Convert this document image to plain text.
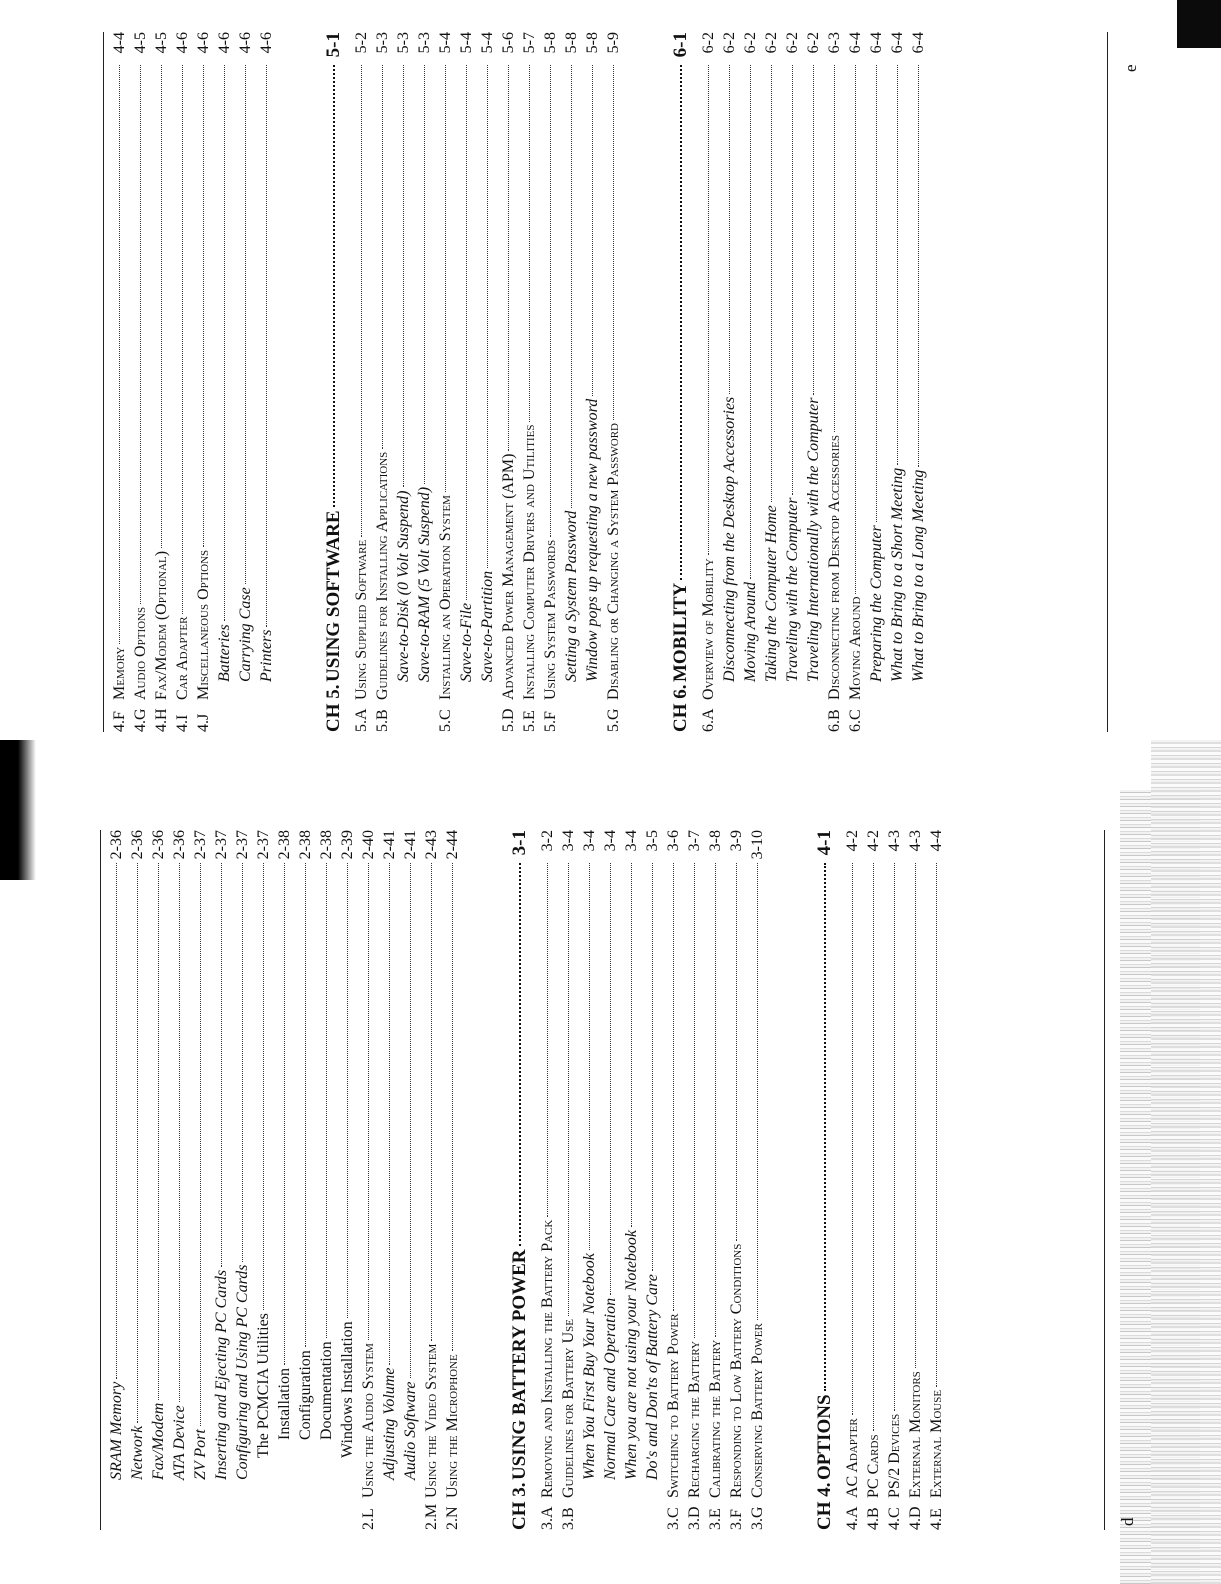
SRAM Memory
2-36
Network
2-36
Fax/Modem
2-36
ATA Device
2-36
ZV Port
2-37
Inserting and Ejecting PC Cards
2-37
Configuring and Using PC Cards
2-37
The PCMCIA Utilities
2-37
Installation
2-38
Configuration
2-38
Documentation
2-38
Windows Installation
2-39
2.L
Using the Audio System
2-40
Adjusting Volume
2-41
Audio Software
2-41
2.M
Using the Video System
2-43
2.N
Using the Microphone
2-44
CH 3.
USING BATTERY POWER
3-1
3.A
Removing and Installing the Battery Pack
3-2
3.B
Guidelines for Battery Use
3-4
When You First Buy Your Notebook
3-4
Normal Care and Operation
3-4
When you are not using your Notebook
3-4
Do's and Don'ts of Battery Care
3-5
3.C
Switching to Battery Power
3-6
3.D
Recharging the Battery
3-7
3.E
Calibrating the Battery
3-8
3.F
Responding to Low Battery Conditions
3-9
3.G
Conserving Battery Power
3-10
CH 4.
OPTIONS
4-1
4.A
AC Adapter
4-2
4.B
PC Cards
4-2
4.C
PS/2 Devices
4-3
4.D
External Monitors
4-3
4.E
External Mouse
4-4
d
4.F
Memory
4-4
4.G
Audio Options
4-5
4.H
Fax/Modem (Optional)
4-5
4.I
Car Adapter
4-6
4.J
Miscellaneous Options
4-6
Batteries
4-6
Carrying Case
4-6
Printers
4-6
CH 5.
USING SOFTWARE
5-1
5.A
Using Supplied Software
5-2
5.B
Guidelines for Installing Applications
5-3
Save-to-Disk (0 Volt Suspend)
5-3
Save-to-RAM (5 Volt Suspend)
5-3
5.C
Installing an Operation System
5-4
Save-to-File
5-4
Save-to-Partition
5-4
5.D
Advanced Power Management (APM)
5-6
5.E
Installing Computer Drivers and Utilities
5-7
5.F
Using System Passwords
5-8
Setting a System Password
5-8
Window pops up requesting a new password
5-8
5.G
Disabling or Changing a System Password
5-9
CH 6.
MOBILITY
6-1
6.A
Overview of Mobility
6-2
Disconnecting from the Desktop Accessories
6-2
Moving Around
6-2
Taking the Computer Home
6-2
Traveling with the Computer
6-2
Traveling Internationally with the Computer
6-2
6.B
Disconnecting from Desktop Accessories
6-3
6.C
Moving Around
6-4
Preparing the Computer
6-4
What to Bring to a Short Meeting
6-4
What to Bring to a Long Meeting
6-4
e
